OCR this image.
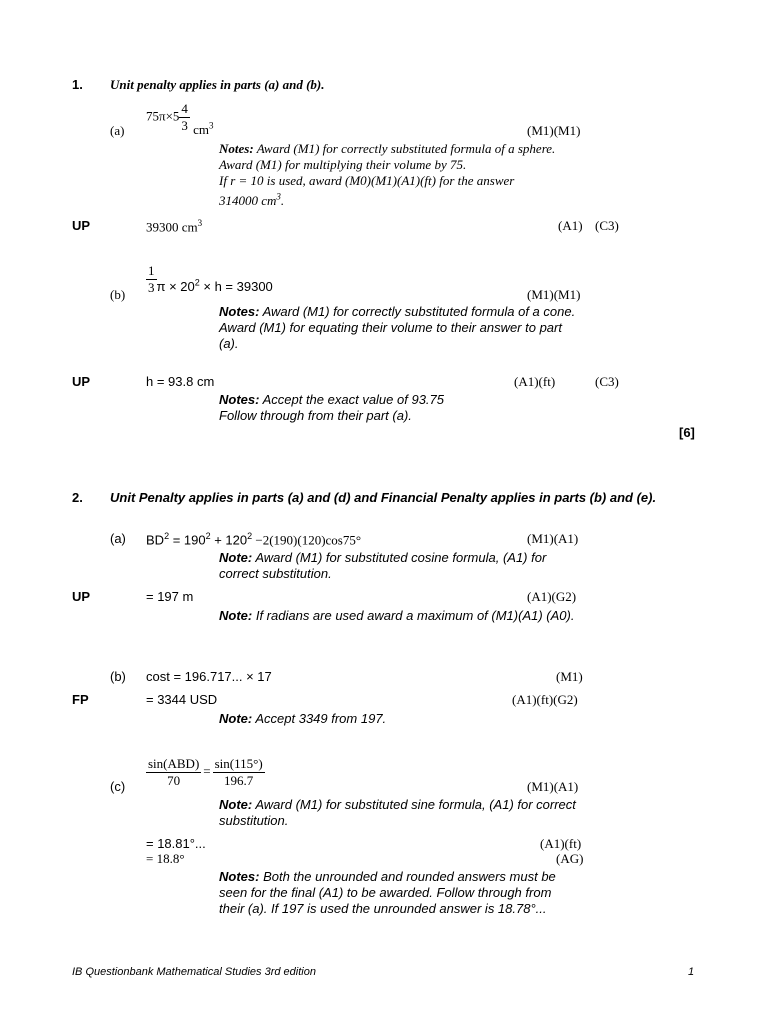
1. Unit penalty applies in parts (a) and (b).
$75\pi\times 5 \frac{4}{3} cm^3$
(a)	(M1)(M1)
Notes: Award (M1) for correctly substituted formula of a sphere. Award (M1) for multiplying their volume by 75.
If r = 10 is used, award (M0)(M1)(A1)(ft) for the answer
314000 $cm^3$.
UP	39300 $cm^3$	(A1) (C3)
$\frac{1}{3}$ $\pi \times 20^2 \times h = 39300$
(b)	(M1)(M1)
Notes: Award (M1) for correctly substituted formula of a cone.
Award (M1) for equating their volume to their answer to part (a).
UP	h = 93.8 cm	(A1)(ft)	(C3)
Notes: Accept the exact value of 93.75
Follow through from their part (a).
[6]
2. Unit Penalty applies in parts (a) and (d) and Financial Penalty applies in parts (b) and (e).
(a) $BD^2 = 190^2 + 120^2 -2(190)(120)\cos 75^\circ$	(M1)(A1)
Note: Award (M1) for substituted cosine formula, (A1) for correct substitution.
UP	= 197 m	(A1)(G2)
Note: If radians are used award a maximum of (M1)(A1) (A0).
(b) cost = 196.717... × 17	(M1)
FP	= 3344 USD	(A1)(ft)(G2)
Note: Accept 3349 from 197.
$\frac{\text{sin(ABD)}}{70} = \frac{\sin(115^\circ)}{196.7}$
(c)	(M1)(A1)
Note: Award (M1) for substituted sine formula, (A1) for correct substitution.
= 18.81°...	(A1)(ft)
= 18.8°	(AG)
Notes: Both the unrounded and rounded answers must be seen for the final (A1) to be awarded. Follow through from their (a). If 197 is used the unrounded answer is 18.78°...
IB Questionbank Mathematical Studies 3rd edition	1
